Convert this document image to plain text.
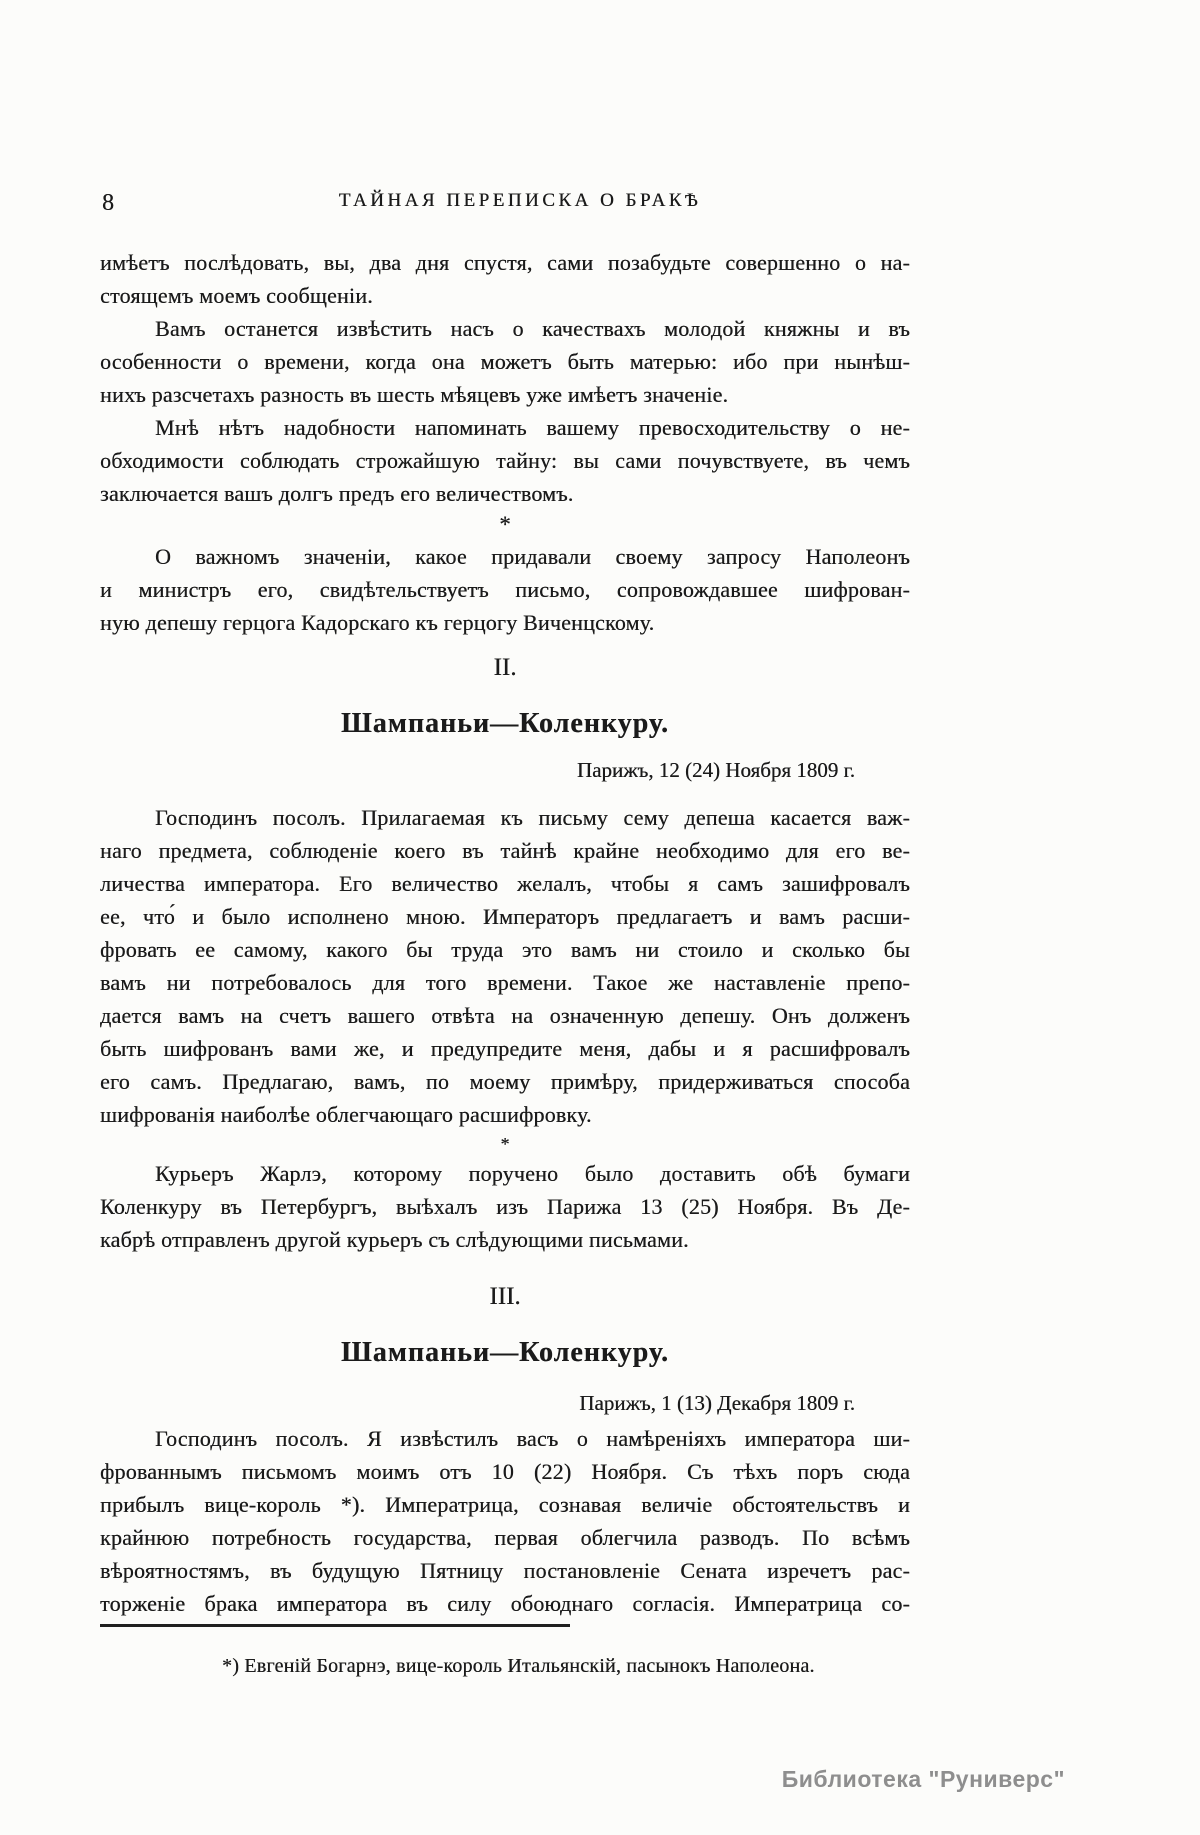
8	ТАЙНАЯ ПЕРЕПИСКА О БРАКѢ
имѣетъ послѣдовать, вы, два дня спустя, сами позабудьте совершенно о на-
стоящемъ моемъ сообщеніи.
Вамъ останется извѣстить насъ о качествахъ молодой княжны и въ
особенности о времени, когда она можетъ быть матерью: ибо при нынѣш-
нихъ разсчетахъ разность въ шесть мѣяцевъ уже имѣетъ значеніе.
Мнѣ нѣтъ надобности напоминать вашему превосходительству о не-
обходимости соблюдать строжайшую тайну: вы сами почувствуете, въ чемъ
заключается вашъ долгъ предъ его величествомъ.
*
О важномъ значеніи, какое придавали своему запросу Наполеонъ
и министръ его, свидѣтельствуетъ письмо, сопровождавшее шифрован-
ную депешу герцога Кадорскаго къ герцогу Виченцскому.
II.
Шампаньи—Коленкуру.
Парижъ, 12 (24) Ноября 1809 г.
Господинъ посолъ. Прилагаемая къ письму сему депеша касается важ-
наго предмета, соблюденіе коего въ тайнѣ крайне необходимо для его ве-
личества императора. Его величество желалъ, чтобы я самъ зашифровалъ
ее, что́ и было исполнено мною. Императоръ предлагаетъ и вамъ расши-
фровать ее самому, какого бы труда это вамъ ни стоило и сколько бы
вамъ ни потребовалось для того времени. Такое же наставленіе препо-
дается вамъ на счетъ вашего отвѣта на означенную депешу. Онъ долженъ
быть шифрованъ вами же, и предупредите меня, дабы и я расшифровалъ
его самъ. Предлагаю, вамъ, по моему примѣру, придерживаться способа
шифрованія наиболѣе облегчающаго расшифровку.
*
Курьеръ Жарлэ, которому поручено было доставить обѣ бумаги
Коленкуру въ Петербургъ, выѣхалъ изъ Парижа 13 (25) Ноября. Въ Де-
кабрѣ отправленъ другой курьеръ съ слѣдующими письмами.
III.
Шампаньи—Коленкуру.
Парижъ, 1 (13) Декабря 1809 г.
Господинъ посолъ. Я извѣстилъ васъ о намѣреніяхъ императора ши-
фрованнымъ письмомъ моимъ отъ 10 (22) Ноября. Съ тѣхъ поръ сюда
прибылъ вице-король *). Императрица, сознавая величіе обстоятельствъ и
крайнюю потребность государства, первая облегчила разводъ. По всѣмъ
вѣроятностямъ, въ будущую Пятницу постановленіе Сената изречетъ рас-
торженіе брака императора въ силу обоюднаго согласія. Императрица со-
*) Евгеній Богарнэ, вице-король Итальянскій, пасынокъ Наполеона.
Библиотека "Руниверс"
